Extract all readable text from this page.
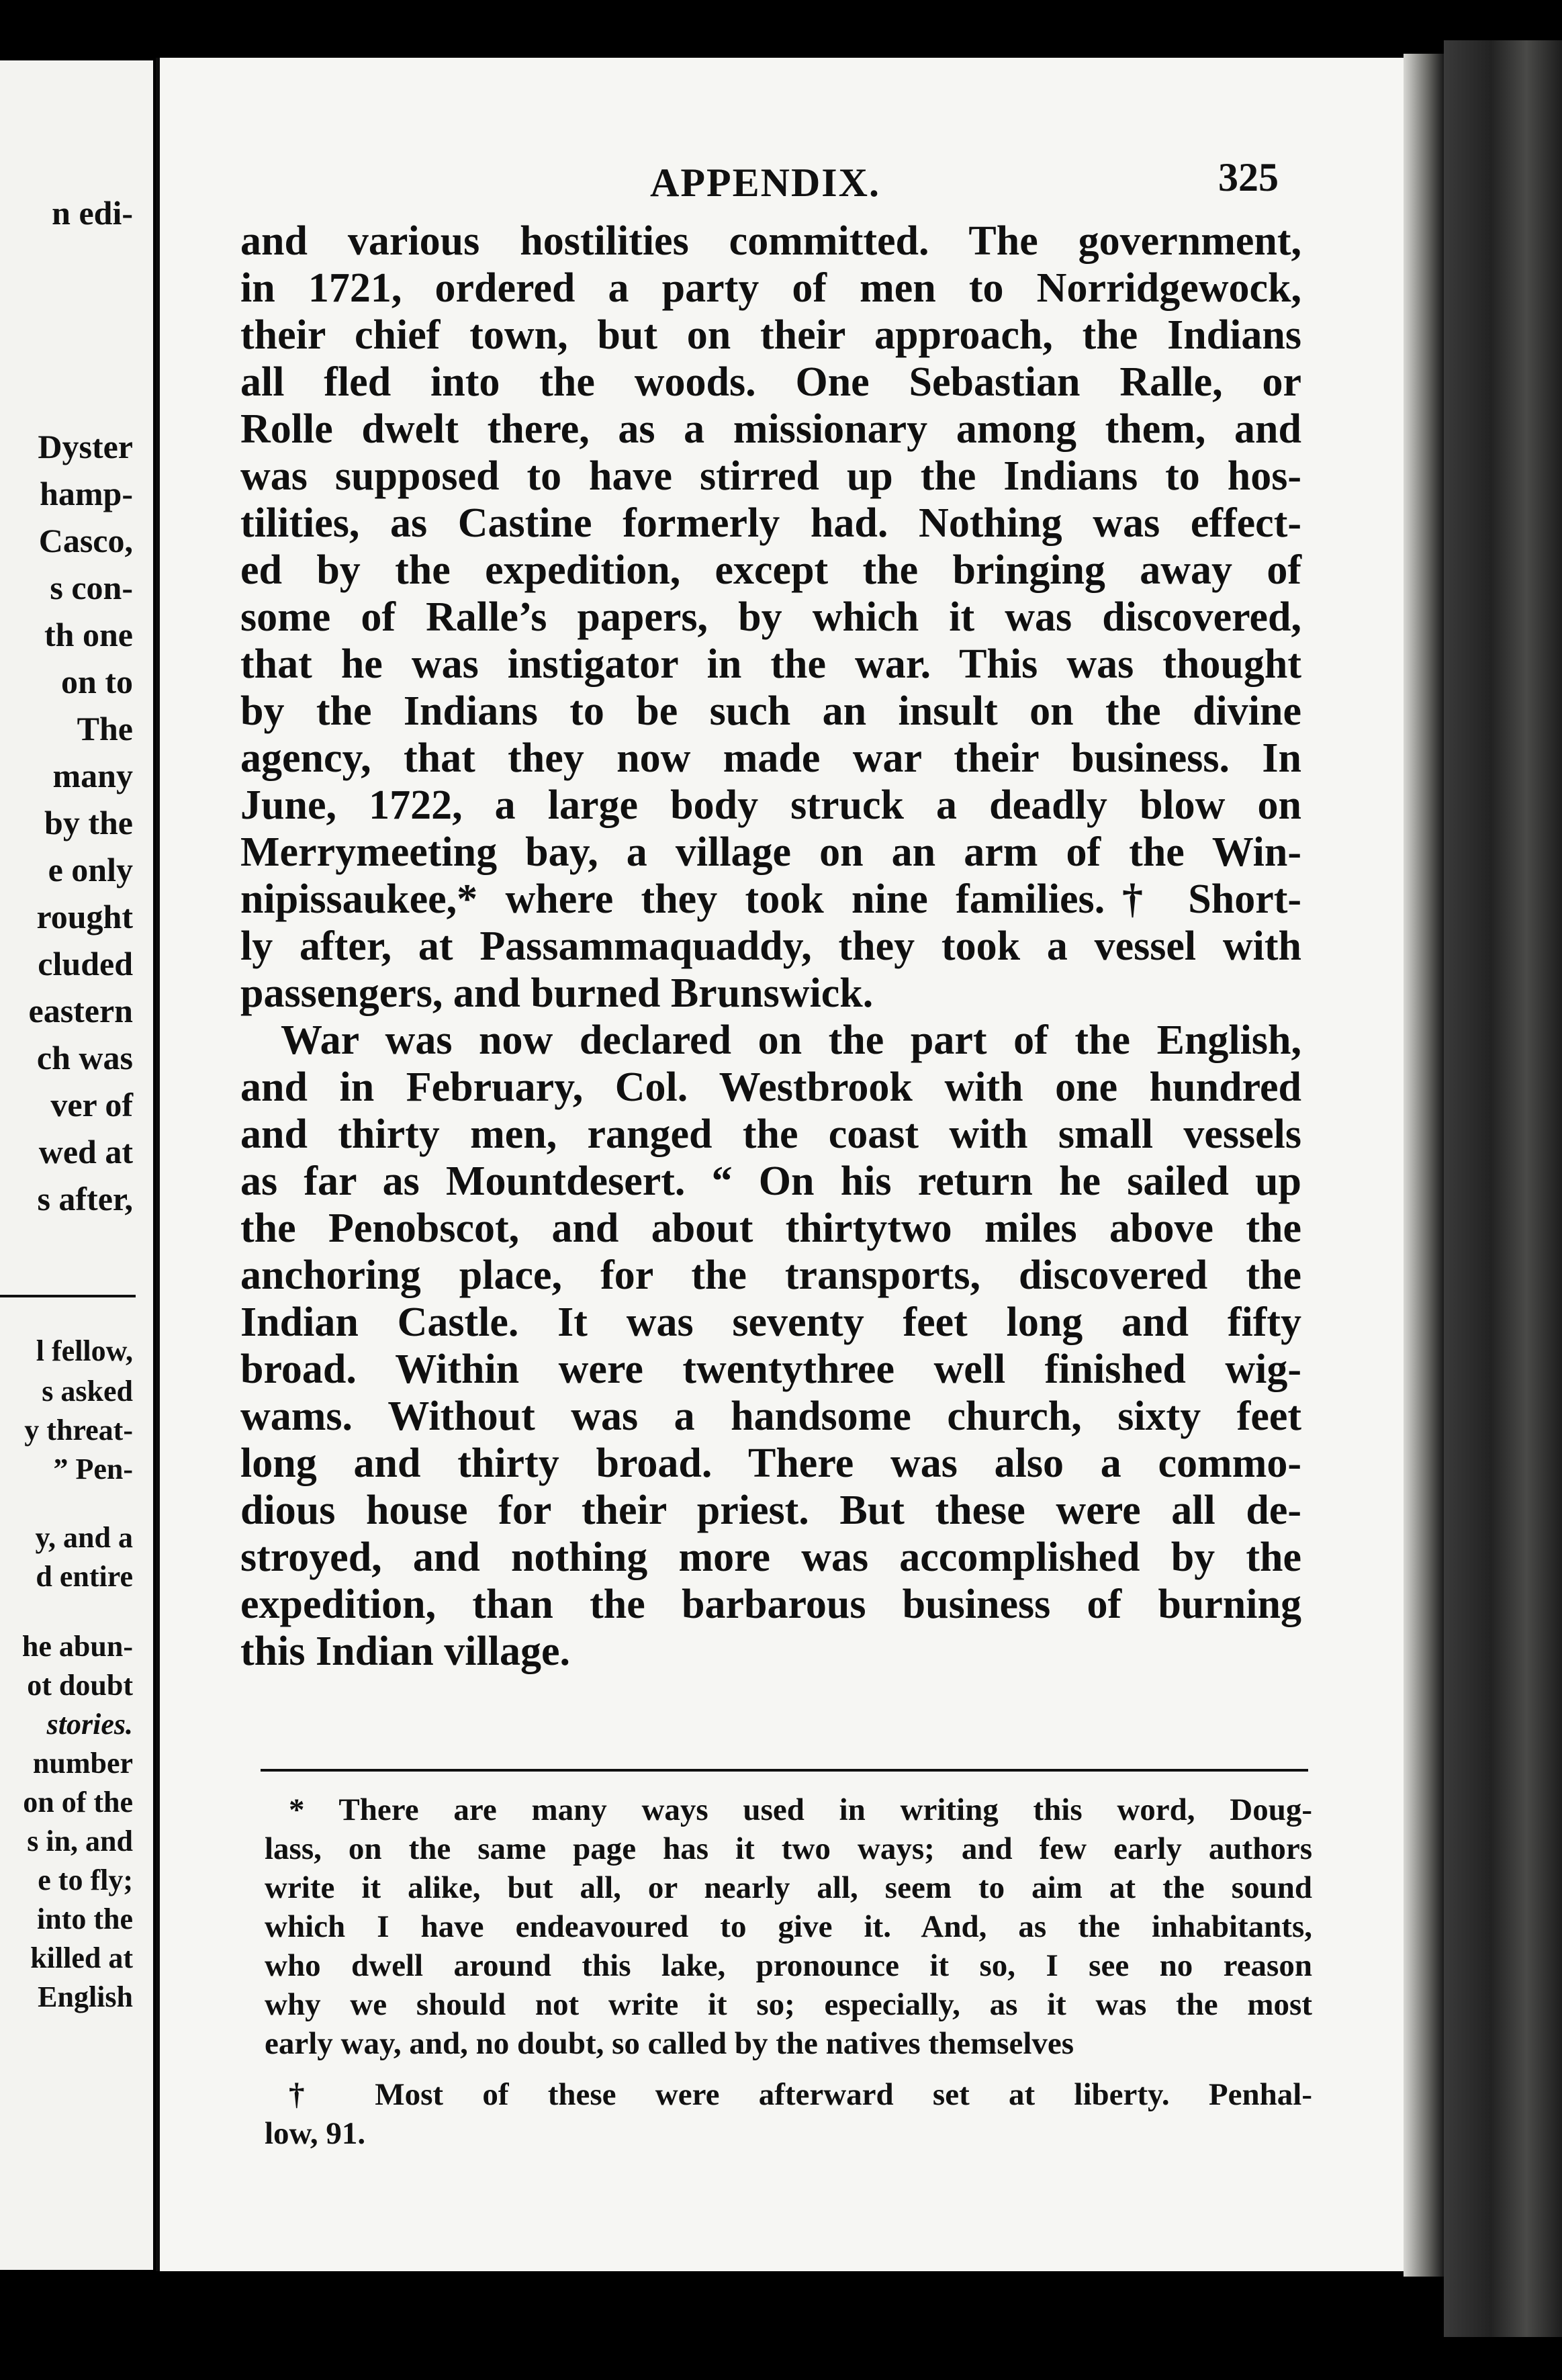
n edi-
Dyster
hamp-
Casco,
s con-
th one
on to
The
many
by the
e only
rought
cluded
eastern
ch was
ver of
wed at
s after,
l fellow,
s asked
y threat-
” Pen-
y, and a
d entire
he abun-
ot doubt
stories.
number
on of the
s in, and
e to fly;
into the
killed at
English
APPENDIX.	325
and various hostilities committed. The government,
in 1721, ordered a party of men to Norridgewock,
their chief town, but on their approach, the Indians
all fled into the woods. One Sebastian Ralle, or
Rolle dwelt there, as a missionary among them, and
was supposed to have stirred up the Indians to hos-
tilities, as Castine formerly had. Nothing was effect-
ed by the expedition, except the bringing away of
some of Ralle’s papers, by which it was discovered,
that he was instigator in the war. This was thought
by the Indians to be such an insult on the divine
agency, that they now made war their business. In
June, 1722, a large body struck a deadly blow on
Merrymeeting bay, a village on an arm of the Win-
nipissaukee,* where they took nine families.† Short-
ly after, at Passammaquaddy, they took a vessel with
passengers, and burned Brunswick.
War was now declared on the part of the English,
and in February, Col. Westbrook with one hundred
and thirty men, ranged the coast with small vessels
as far as Mountdesert. “ On his return he sailed up
the Penobscot, and about thirtytwo miles above the
anchoring place, for the transports, discovered the
Indian Castle. It was seventy feet long and fifty
broad. Within were twentythree well finished wig-
wams. Without was a handsome church, sixty feet
long and thirty broad. There was also a commo-
dious house for their priest. But these were all de-
stroyed, and nothing more was accomplished by the
expedition, than the barbarous business of burning
this Indian village.
* There are many ways used in writing this word, Doug-
lass, on the same page has it two ways; and few early authors
write it alike, but all, or nearly all, seem to aim at the sound
which I have endeavoured to give it. And, as the inhabitants,
who dwell around this lake, pronounce it so, I see no reason
why we should not write it so; especially, as it was the most
early way, and, no doubt, so called by the natives themselves
† Most of these were afterward set at liberty. Penhal-
low, 91.
